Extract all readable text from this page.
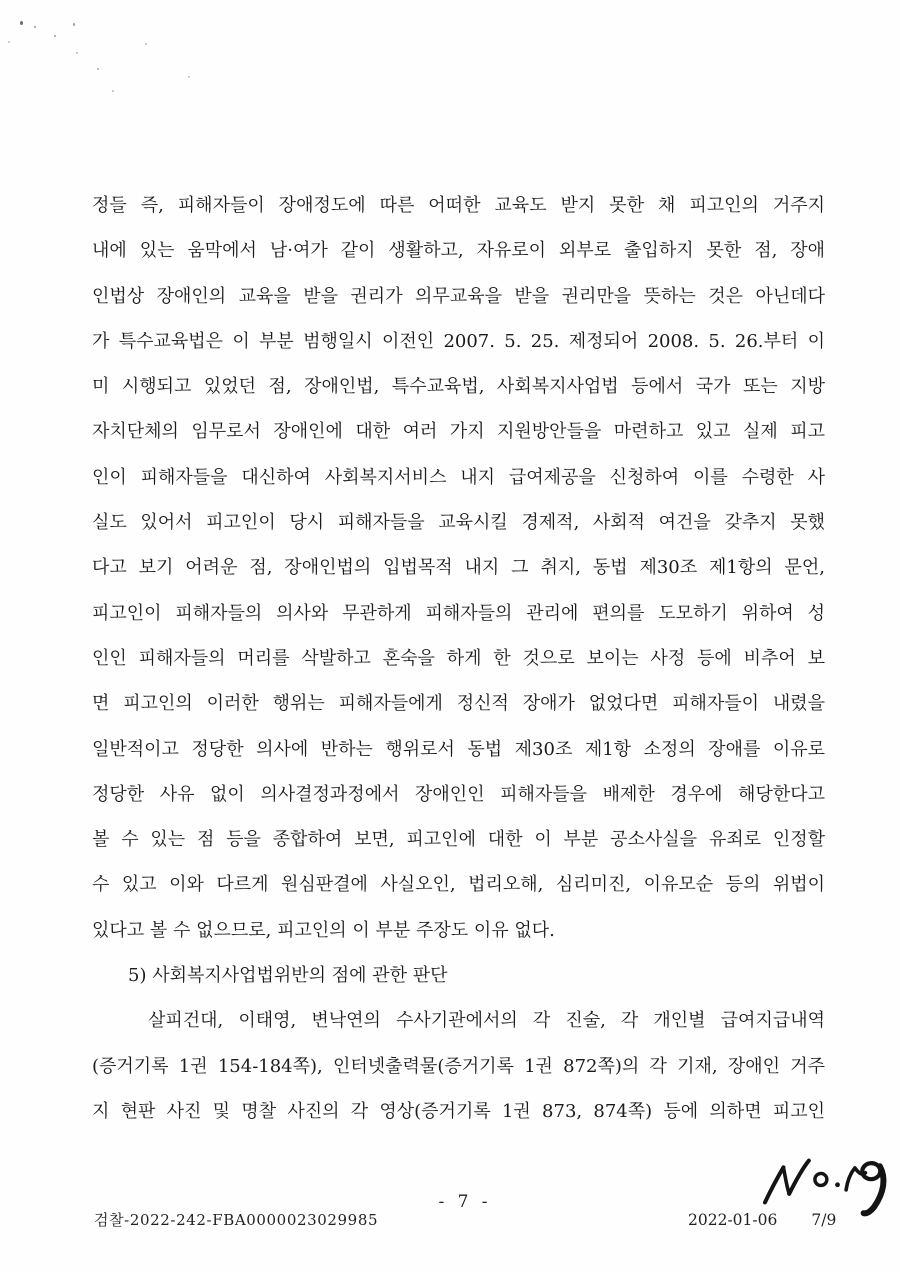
정들 즉, 피해자들이 장애정도에 따른 어떠한 교육도 받지 못한 채 피고인의 거주지

내에 있는 움막에서 남·여가 같이 생활하고, 자유로이 외부로 출입하지 못한 점, 장애

인법상 장애인의 교육을 받을 권리가 의무교육을 받을 권리만을 뜻하는 것은 아닌데다

가 특수교육법은 이 부분 범행일시 이전인 2007. 5. 25. 제정되어 2008. 5. 26.부터 이

미 시행되고 있었던 점, 장애인법, 특수교육법, 사회복지사업법 등에서 국가 또는 지방

자치단체의 임무로서 장애인에 대한 여러 가지 지원방안들을 마련하고 있고 실제 피고

인이 피해자들을 대신하여 사회복지서비스 내지 급여제공을 신청하여 이를 수령한 사

실도 있어서 피고인이 당시 피해자들을 교육시킬 경제적, 사회적 여건을 갖추지 못했

다고 보기 어려운 점, 장애인법의 입법목적 내지 그 취지, 동법 제30조 제1항의 문언,

피고인이 피해자들의 의사와 무관하게 피해자들의 관리에 편의를 도모하기 위하여 성

인인 피해자들의 머리를 삭발하고 혼숙을 하게 한 것으로 보이는 사정 등에 비추어 보

면 피고인의 이러한 행위는 피해자들에게 정신적 장애가 없었다면 피해자들이 내렸을

일반적이고 정당한 의사에 반하는 행위로서 동법 제30조 제1항 소정의 장애를 이유로

정당한 사유 없이 의사결정과정에서 장애인인 피해자들을 배제한 경우에 해당한다고

볼 수 있는 점 등을 종합하여 보면, 피고인에 대한 이 부분 공소사실을 유죄로 인정할

수 있고 이와 다르게 원심판결에 사실오인, 법리오해, 심리미진, 이유모순 등의 위법이

있다고 볼 수 없으므로, 피고인의 이 부분 주장도 이유 없다.

5) 사회복지사업법위반의 점에 관한 판단

살피건대, 이태영, 변낙연의 수사기관에서의 각 진술, 각 개인별 급여지급내역

(증거기록 1권 154-184쪽), 인터넷출력물(증거기록 1권 872쪽)의 각 기재, 장애인 거주

지 현판 사진 및 명찰 사진의 각 영상(증거기록 1권 873, 874쪽) 등에 의하면 피고인

- 7 -
검찰-2022-242-FBA0000023029985	2022-01-06 7/9
